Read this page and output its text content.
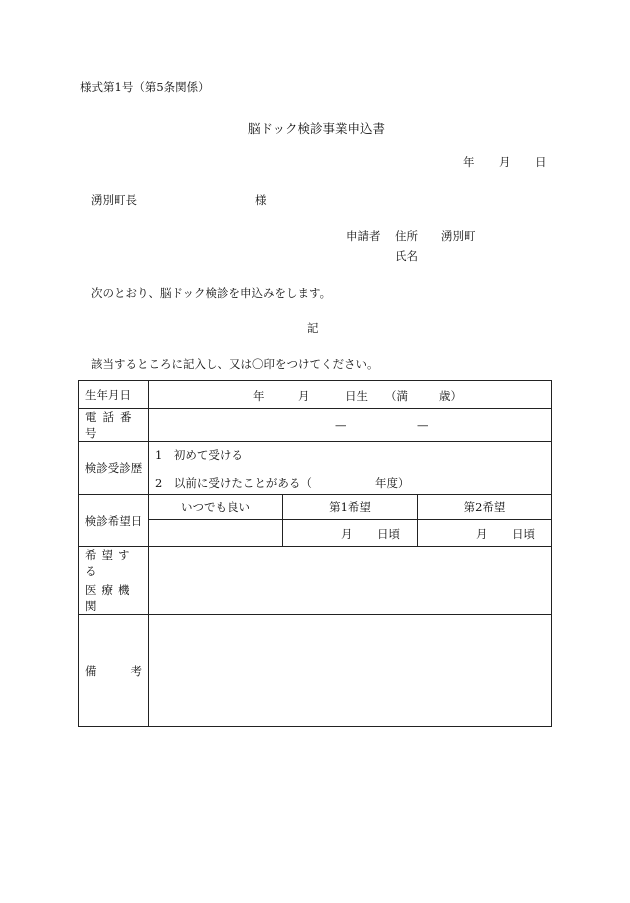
様式第1号（第5条関係）
脳ドック検診事業申込書
年 月 日
湧別町長	様
申請者 住所 湧別町
氏名
次のとおり、脳ドック検診を申込みをします。
記
該当するところに記入し、又は〇印をつけてください。
生年月日	年 月 日生 （満 歳）		

電話番号	— —		

検診受診歴	1　初めて受ける
2　以前に受けたことがある（ 年度）		

検診希望日	いつでも良い	第1希望	第2希望

		月 日頃	月 日頃

希望する
医療機関			

備 考			
